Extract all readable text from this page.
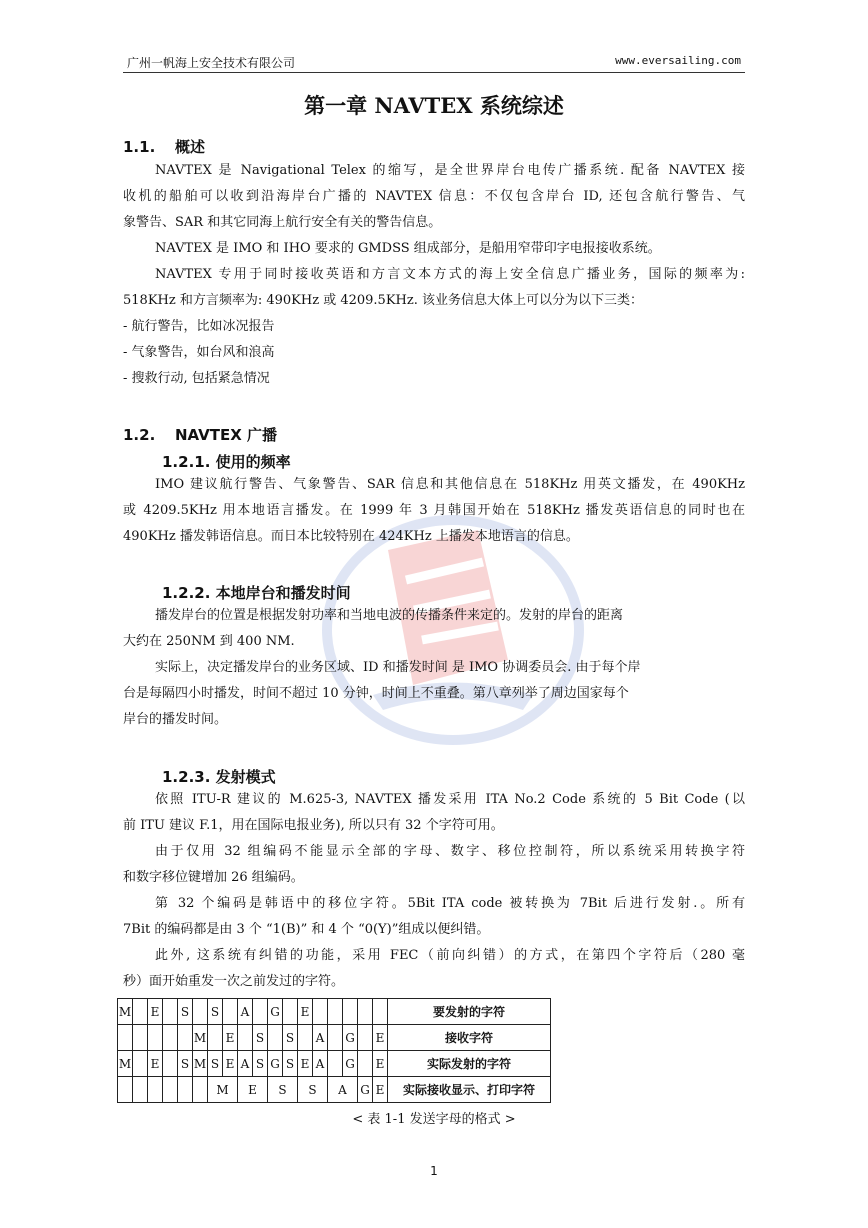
广州一帆海上安全技术有限公司	www.eversailing.com
第一章 NAVTEX 系统综述
1.1. 概述

NAVTEX 是 Navigational Telex 的缩写，是全世界岸台电传广播系统. 配备 NAVTEX 接

收机的船舶可以收到沿海岸台广播的 NAVTEX 信息：不仅包含岸台 ID, 还包含航行警告、气

象警告、SAR 和其它同海上航行安全有关的警告信息。

NAVTEX 是 IMO 和 IHO 要求的 GMDSS 组成部分，是船用窄带印字电报接收系统。

NAVTEX 专用于同时接收英语和方言文本方式的海上安全信息广播业务，国际的频率为:

518KHz 和方言频率为: 490KHz 或 4209.5KHz. 该业务信息大体上可以分为以下三类：

- 航行警告，比如冰况报告

- 气象警告，如台风和浪高

- 搜救行动, 包括紧急情况

1.2. NAVTEX 广播
1.2.1. 使用的频率

IMO 建议航行警告、气象警告、SAR 信息和其他信息在 518KHz 用英文播发，在 490KHz

或 4209.5KHz 用本地语言播发。在 1999 年 3 月韩国开始在 518KHz 播发英语信息的同时也在

490KHz 播发韩语信息。而日本比较特别在 424KHz 上播发本地语言的信息。

1.2.2. 本地岸台和播发时间

播发岸台的位置是根据发射功率和当地电波的传播条件来定的。发射的岸台的距离

大约在 250NM 到 400 NM.

实际上，决定播发岸台的业务区域、ID 和播发时间 是 IMO 协调委员会. 由于每个岸

台是每隔四小时播发，时间不超过 10 分钟，时间上不重叠。第八章列举了周边国家每个

岸台的播发时间。

1.2.3. 发射模式

依照 ITU-R 建议的 M.625-3, NAVTEX 播发采用 ITA No.2 Code 系统的 5 Bit Code (以

前 ITU 建议 F.1，用在国际电报业务), 所以只有 32 个字符可用。

由于仅用 32 组编码不能显示全部的字母、数字、移位控制符，所以系统采用转换字符

和数字移位键增加 26 组编码。

第 32 个编码是韩语中的移位字符。5Bit ITA code 被转换为 7Bit 后进行发射.。所有

7Bit 的编码都是由 3 个 “1(B)” 和 4 个 “0(Y)”组成以便纠错。

此外, 这系统有纠错的功能，采用 FEC（前向纠错）的方式，在第四个字符后（280 毫

秒）面开始重发一次之前发过的字符。

M		E		S		S		A		G		E						要发射的字符
					M		E		S		S		A		G		E	接收字符
M		E		S	M	S	E	A	S	G	S	E	A		G		E	实际发射的字符
						M		E		S		S		A		G	E	实际接收显示、打印字符
< 表 1-1 发送字母的格式 >
1
